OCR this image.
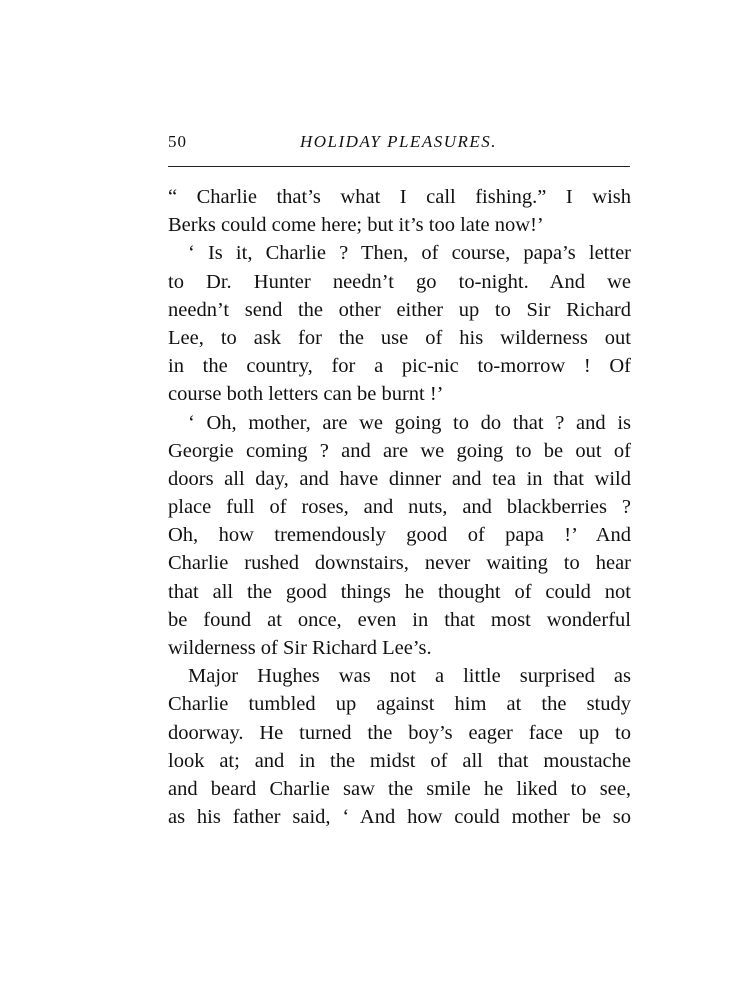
50	HOLIDAY PLEASURES.
“ Charlie that’s what I call fishing.” I wish
Berks could come here; but it’s too late now!’
‘ Is it, Charlie ? Then, of course, papa’s letter
to Dr. Hunter needn’t go to-night. And we
needn’t send the other either up to Sir Richard
Lee, to ask for the use of his wilderness out
in the country, for a pic-nic to-morrow ! Of
course both letters can be burnt !’
‘ Oh, mother, are we going to do that ? and is
Georgie coming ? and are we going to be out of
doors all day, and have dinner and tea in that wild
place full of roses, and nuts, and blackberries ?
Oh, how tremendously good of papa !’ And
Charlie rushed downstairs, never waiting to hear
that all the good things he thought of could not
be found at once, even in that most wonderful
wilderness of Sir Richard Lee’s.
Major Hughes was not a little surprised as
Charlie tumbled up against him at the study
doorway. He turned the boy’s eager face up to
look at; and in the midst of all that moustache
and beard Charlie saw the smile he liked to see,
as his father said, ‘ And how could mother be so
